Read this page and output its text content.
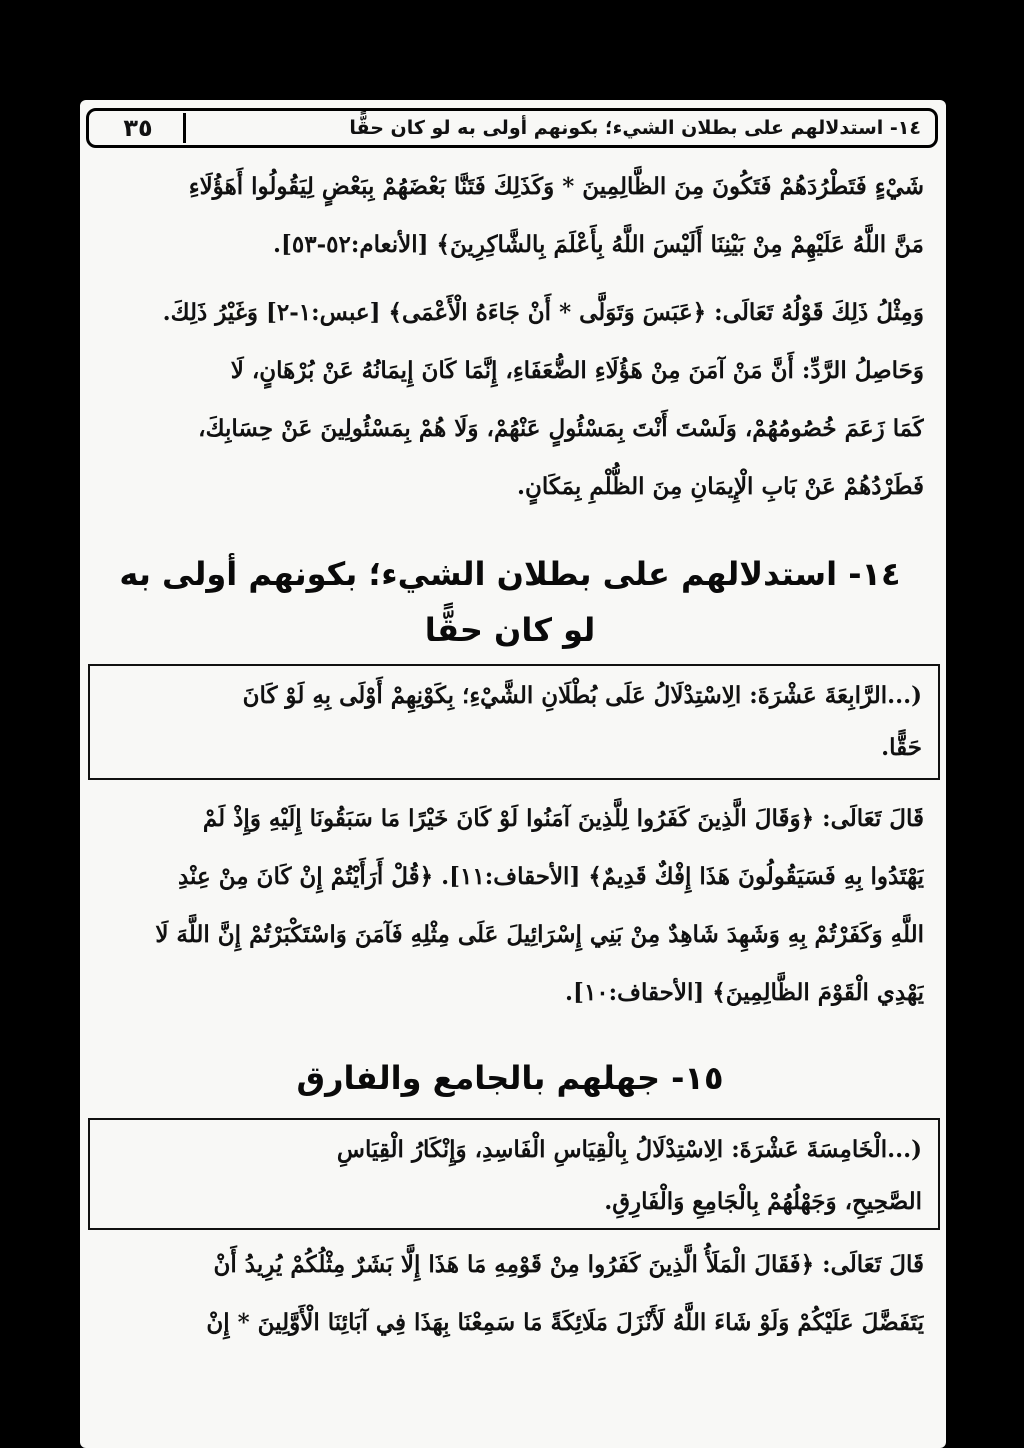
٣٥	١٤- استدلالهم على بطلان الشيء؛ بكونهم أولى به لو كان حقًّا
شَيْءٍ فَتَطْرُدَهُمْ فَتَكُونَ مِنَ الظَّالِمِينَ * وَكَذَلِكَ فَتَنَّا بَعْضَهُمْ بِبَعْضٍ لِيَقُولُوا أَهَؤُلَاءِ
مَنَّ اللَّهُ عَلَيْهِمْ مِنْ بَيْنِنَا أَلَيْسَ اللَّهُ بِأَعْلَمَ بِالشَّاكِرِينَ﴾ [الأنعام:٥٢-٥٣].
وَمِثْلُ ذَلِكَ قَوْلُهُ تَعَالَى: ﴿عَبَسَ وَتَوَلَّى * أَنْ جَاءَهُ الْأَعْمَى﴾ [عبس:١-٢] وَغَيْرُ ذَلِكَ.
وَحَاصِلُ الرَّدِّ: أَنَّ مَنْ آمَنَ مِنْ هَؤُلَاءِ الضُّعَفَاءِ، إِنَّمَا كَانَ إِيمَانُهُ عَنْ بُرْهَانٍ، لَا
كَمَا زَعَمَ خُصُومُهُمْ، وَلَسْتَ أَنْتَ بِمَسْئُولٍ عَنْهُمْ، وَلَا هُمْ بِمَسْئُولِينَ عَنْ حِسَابِكَ،
فَطَرْدُهُمْ عَنْ بَابِ الْإِيمَانِ مِنَ الظُّلْمِ بِمَكَانٍ.
١٤- استدلالهم على بطلان الشيء؛ بكونهم أولى به
لو كان حقًّا
(...الرَّابِعَةَ عَشْرَةَ: الِاسْتِدْلَالُ عَلَى بُطْلَانِ الشَّيْءِ؛ بِكَوْنِهِمْ أَوْلَى بِهِ لَوْ كَانَ
حَقًّا.
قَالَ تَعَالَى: ﴿وَقَالَ الَّذِينَ كَفَرُوا لِلَّذِينَ آمَنُوا لَوْ كَانَ خَيْرًا مَا سَبَقُونَا إِلَيْهِ وَإِذْ لَمْ
يَهْتَدُوا بِهِ فَسَيَقُولُونَ هَذَا إِفْكٌ قَدِيمٌ﴾ [الأحقاف:١١]. ﴿قُلْ أَرَأَيْتُمْ إِنْ كَانَ مِنْ عِنْدِ
اللَّهِ وَكَفَرْتُمْ بِهِ وَشَهِدَ شَاهِدٌ مِنْ بَنِي إِسْرَائِيلَ عَلَى مِثْلِهِ فَآمَنَ وَاسْتَكْبَرْتُمْ إِنَّ اللَّهَ لَا
يَهْدِي الْقَوْمَ الظَّالِمِينَ﴾ [الأحقاف:١٠].
١٥- جهلهم بالجامع والفارق
(...الْخَامِسَةَ عَشْرَةَ: الِاسْتِدْلَالُ بِالْقِيَاسِ الْفَاسِدِ، وَإِنْكَارُ الْقِيَاسِ
الصَّحِيحِ، وَجَهْلُهُمْ بِالْجَامِعِ وَالْفَارِقِ.
قَالَ تَعَالَى: ﴿فَقَالَ الْمَلَأُ الَّذِينَ كَفَرُوا مِنْ قَوْمِهِ مَا هَذَا إِلَّا بَشَرٌ مِثْلُكُمْ يُرِيدُ أَنْ
يَتَفَضَّلَ عَلَيْكُمْ وَلَوْ شَاءَ اللَّهُ لَأَنْزَلَ مَلَائِكَةً مَا سَمِعْنَا بِهَذَا فِي آبَائِنَا الْأَوَّلِينَ * إِنْ
